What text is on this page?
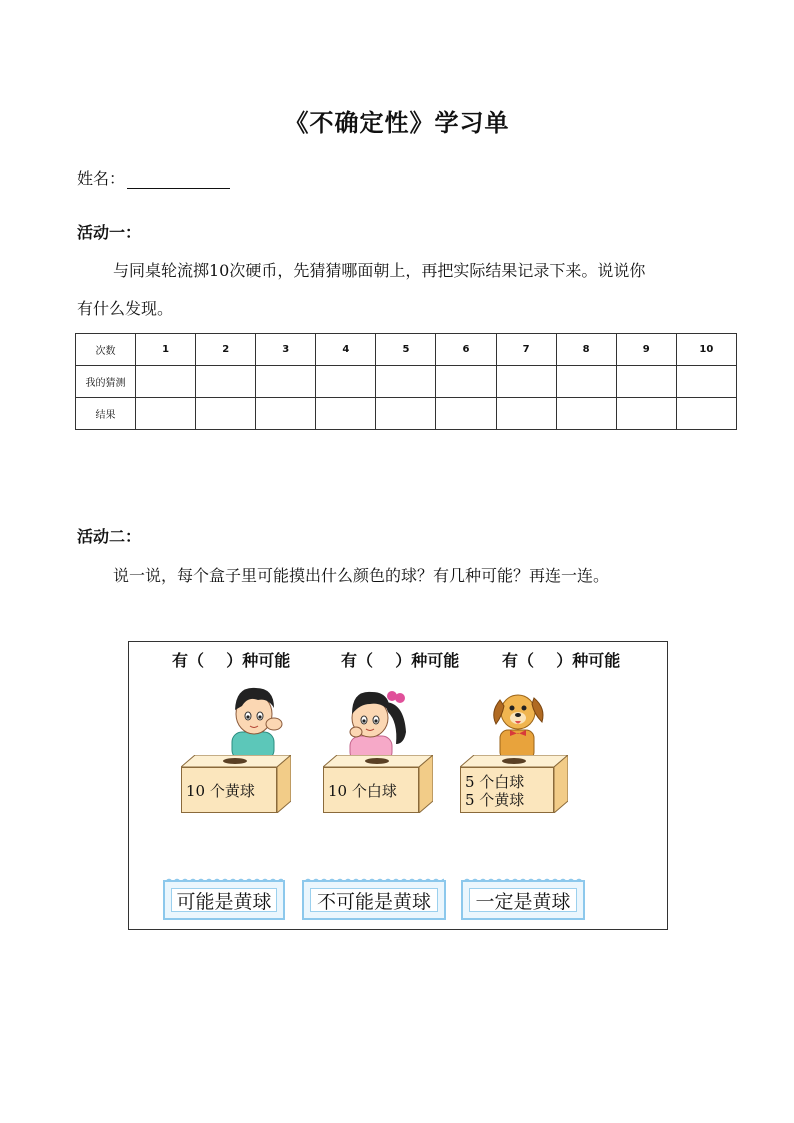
《不确定性》学习单
姓名：
活动一：
与同桌轮流掷10次硬币，先猜猜哪面朝上，再把实际结果记录下来。说说你
有什么发现。
次数	1	2	3	4	5	6	7	8	9	10
我的猜测										
结果										
活动二：
说一说，每个盒子里可能摸出什么颜色的球？有几种可能？再连一连。
有（    ）种可能	有（    ）种可能	有（    ）种可能
10 个黄球	10 个白球	5 个白球
5 个黄球
可能是黄球	不可能是黄球	一定是黄球
